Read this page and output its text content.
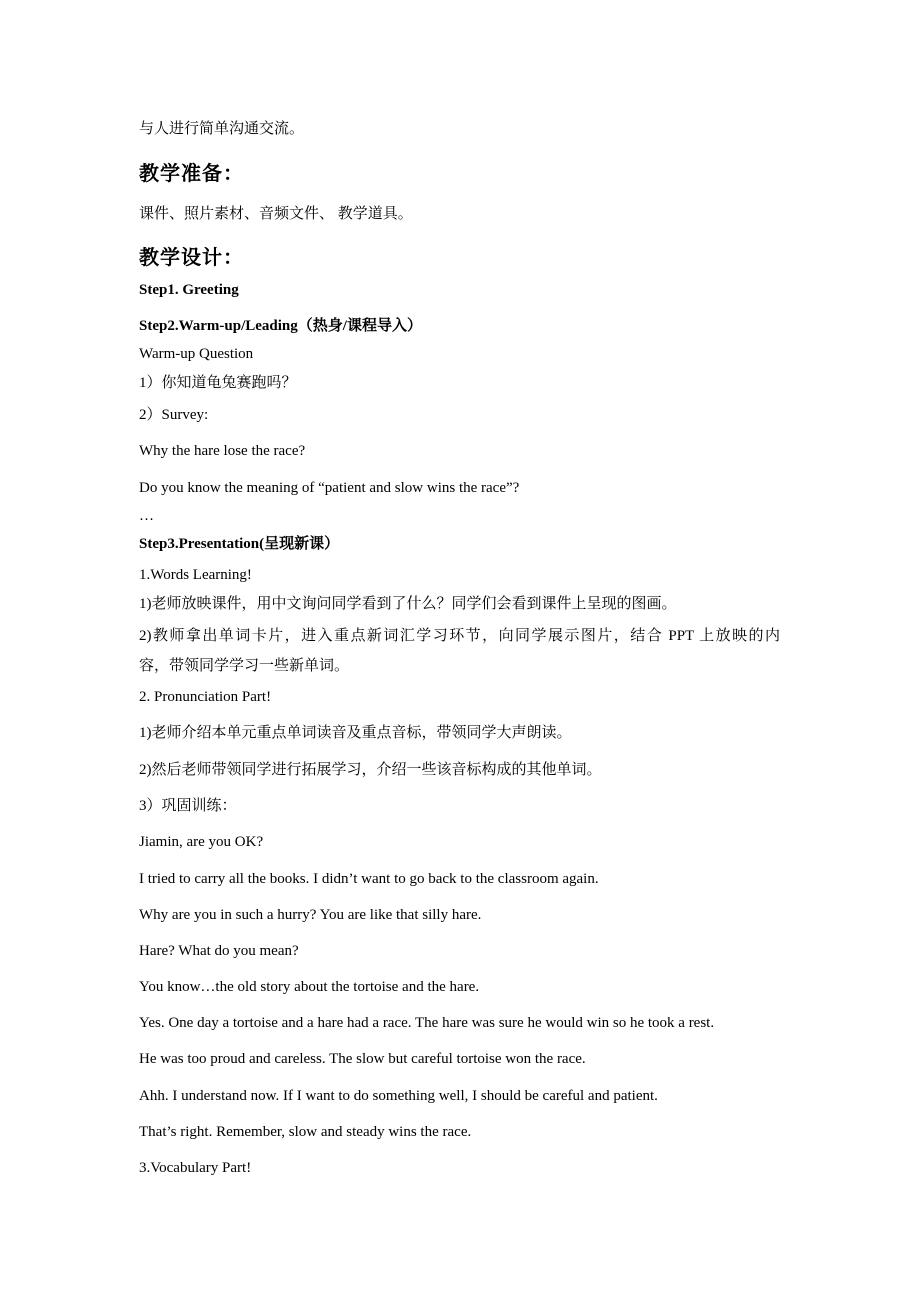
与人进行简单沟通交流。
教学准备：
课件、照片素材、音频文件、 教学道具。
教学设计：
Step1. Greeting
Step2.Warm-up/Leading（热身/课程导入）
Warm-up Question
1）你知道龟兔赛跑吗？
2）Survey:
Why the hare lose the race?
Do you know the meaning of “patient and slow wins the race”?
…
Step3.Presentation(呈现新课）
1.Words Learning!
1)老师放映课件，用中文询问同学看到了什么？同学们会看到课件上呈现的图画。
2)教师拿出单词卡片，进入重点新词汇学习环节，向同学展示图片，结合 PPT 上放映的内
容，带领同学学习一些新单词。
2. Pronunciation Part!
1)老师介绍本单元重点单词读音及重点音标，带领同学大声朗读。
2)然后老师带领同学进行拓展学习，介绍一些该音标构成的其他单词。
3）巩固训练：
Jiamin, are you OK?
I tried to carry all the books. I didn’t want to go back to the classroom again.
Why are you in such a hurry? You are like that silly hare.
Hare? What do you mean?
You know…the old story about the tortoise and the hare.
Yes. One day a tortoise and a hare had a race. The hare was sure he would win so he took a rest.
He was too proud and careless. The slow but careful tortoise won the race.
Ahh. I understand now. If I want to do something well, I should be careful and patient.
That’s right. Remember, slow and steady wins the race.
3.Vocabulary Part!
